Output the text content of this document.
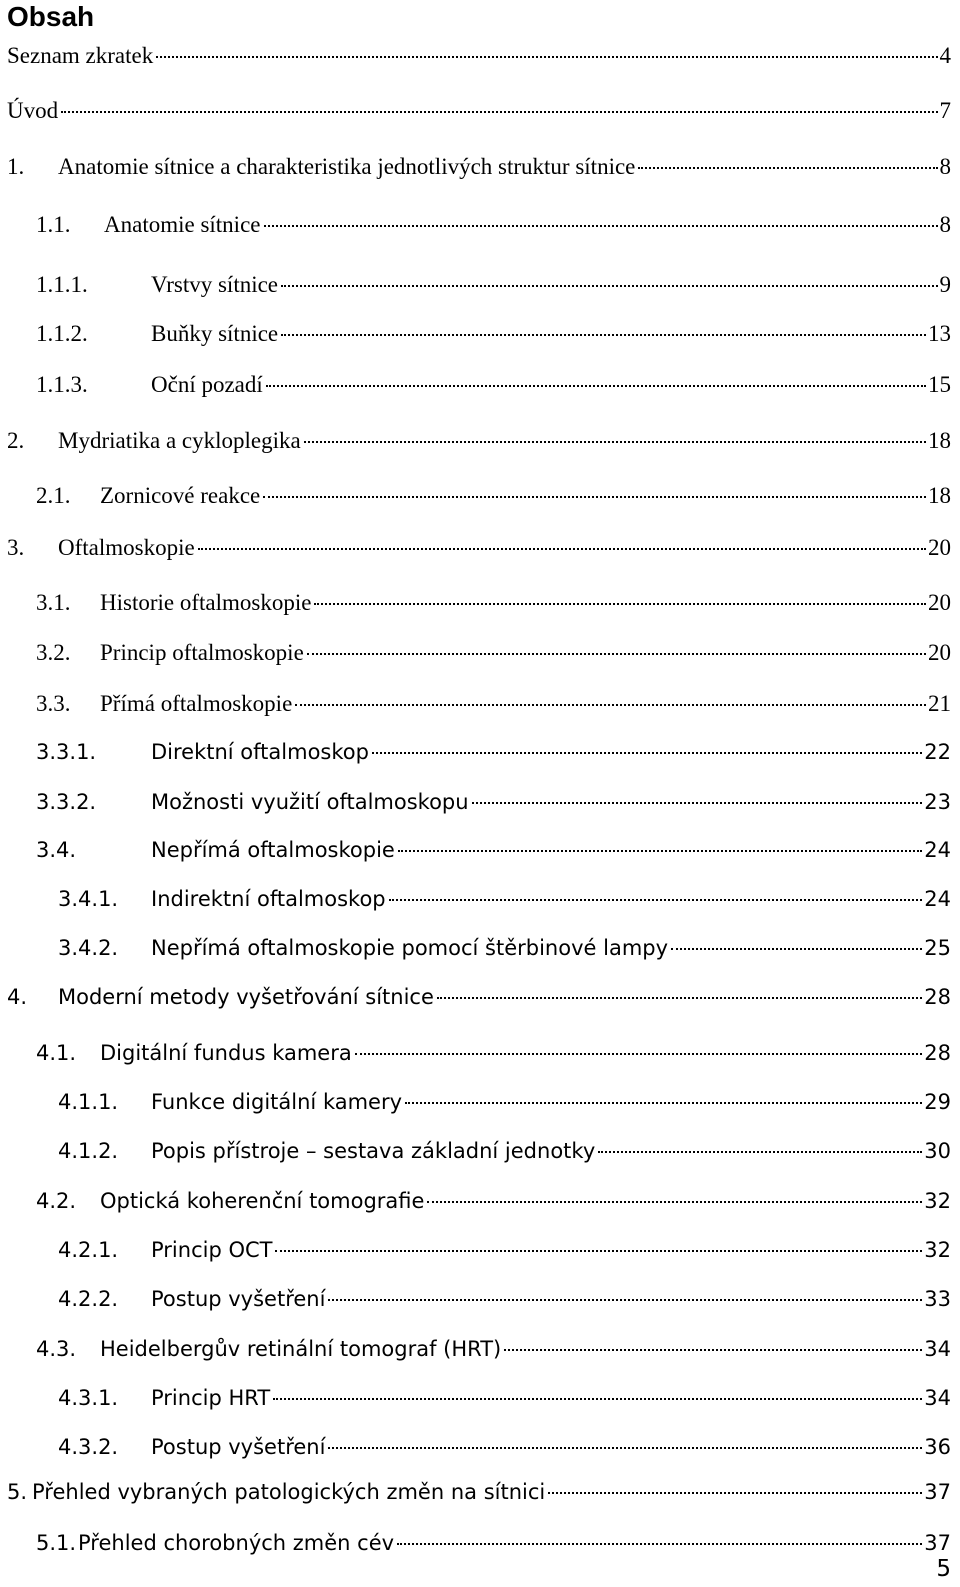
Obsah
Seznam zkratek	4
Úvod	7
1.	Anatomie sítnice a charakteristika jednotlivých struktur sítnice	8
1.1.	Anatomie sítnice	8
1.1.1.	Vrstvy sítnice	9
1.1.2.	Buňky sítnice	13
1.1.3.	Oční pozadí	15
2.	Mydriatika a cykloplegika	18
2.1.	Zornicové reakce	18
3.	Oftalmoskopie	20
3.1.	Historie oftalmoskopie	20
3.2.	Princip oftalmoskopie	20
3.3.	Přímá oftalmoskopie	21
3.3.1.	Direktní oftalmoskop	22
3.3.2.	Možnosti využití oftalmoskopu	23
3.4.	Nepřímá oftalmoskopie	24
3.4.1.	Indirektní oftalmoskop	24
3.4.2.	Nepřímá oftalmoskopie pomocí štěrbinové lampy	25
4.	Moderní metody vyšetřování sítnice	28
4.1.	Digitální fundus kamera	28
4.1.1.	Funkce digitální kamery	29
4.1.2.	Popis přístroje – sestava základní jednotky	30
4.2.	Optická koherenční tomografie	32
4.2.1.	Princip OCT	32
4.2.2.	Postup vyšetření	33
4.3.	Heidelbergův retinální tomograf (HRT)	34
4.3.1.	Princip HRT	34
4.3.2.	Postup vyšetření	36
5. Přehled vybraných patologických změn na sítnici	37
5.1. Přehled chorobných změn cév	37
5
